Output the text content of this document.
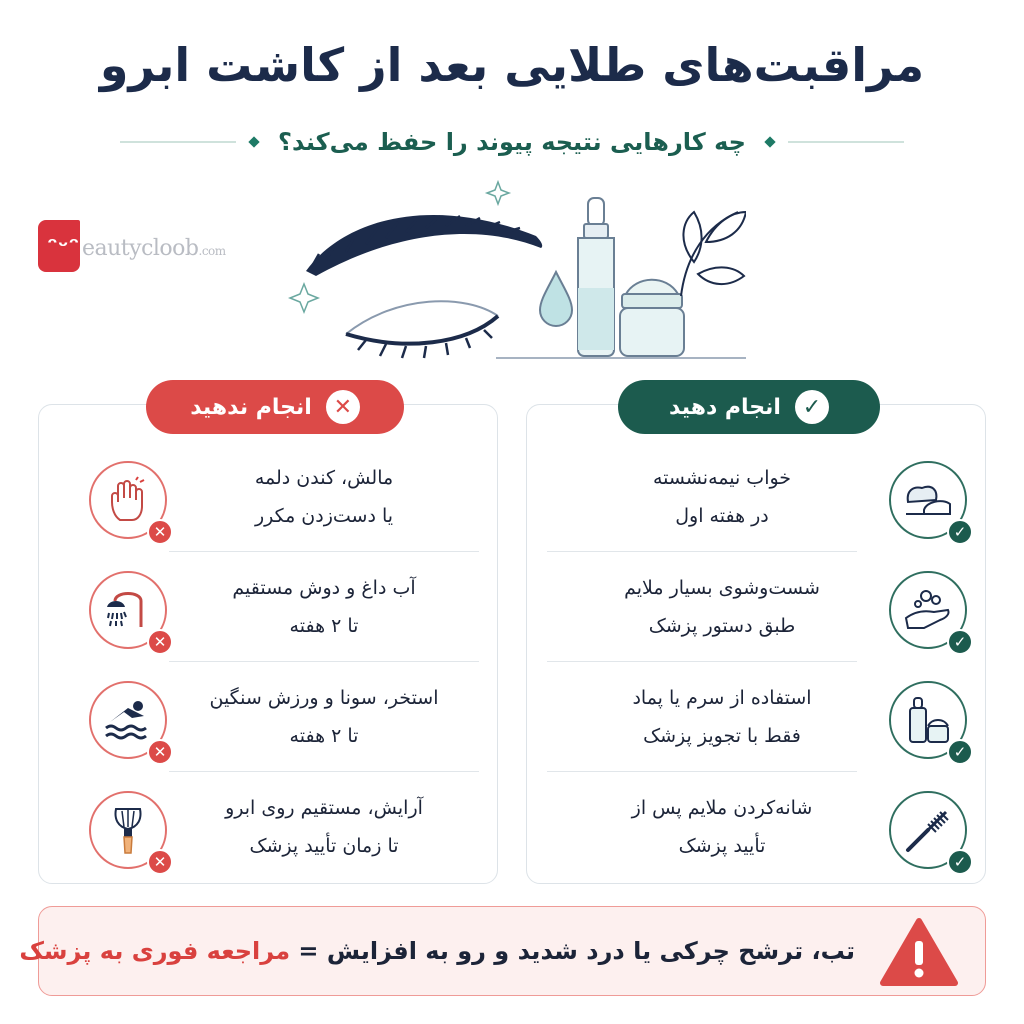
مراقبت‌های طلایی بعد از کاشت ابرو
چه کارهایی نتیجه پیوند را حفظ می‌کند؟
ᵔᵕᵔ eautycloob.com
✕
مالش، کندن دلمه
یا دست‌زدن مکرر
✕
آب داغ و دوش مستقیم
تا ۲ هفته
✕
استخر، سونا و ورزش سنگین
تا ۲ هفته
✕
آرایش، مستقیم روی ابرو
تا زمان تأیید پزشک
خواب نیمه‌نشسته
در هفته اول
✓
شست‌وشوی بسیار ملایم
طبق دستور پزشک
✓
استفاده از سرم یا پماد
فقط با تجویز پزشک
✓
شانه‌کردن ملایم پس از
تأیید پزشک
✓
✕
انجام ندهید	✓
انجام دهید
تب، ترشح چرکی یا درد شدید و رو به افزایش =

مراجعه فوری به پزشک
